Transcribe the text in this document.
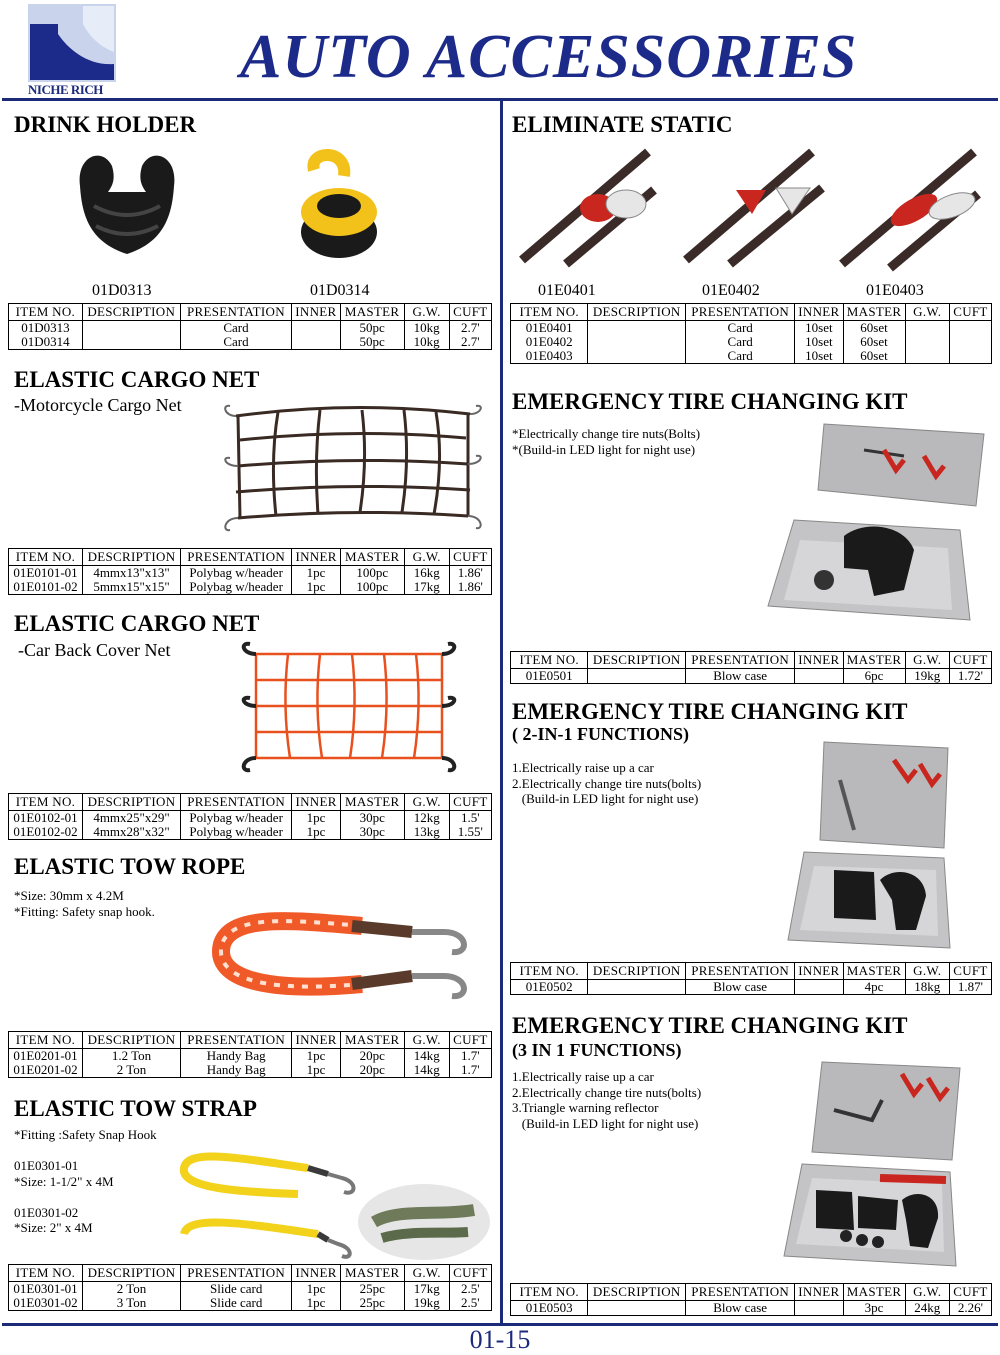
NICHE RICH	AUTO ACCESSORIES
DRINK HOLDER
01D0313	01D0314
ITEM NO.	DESCRIPTION	PRESENTATION	INNER	MASTER	G.W.	CUFT
01D0313		Card		50pc	10kg	2.7'
01D0314		Card		50pc	10kg	2.7'
ELASTIC CARGO NET
-Motorcycle Cargo Net
ITEM NO.	DESCRIPTION	PRESENTATION	INNER	MASTER	G.W.	CUFT
01E0101-01	4mmx13"x13"	Polybag w/header	1pc	100pc	16kg	1.86'
01E0101-02	5mmx15"x15"	Polybag w/header	1pc	100pc	17kg	1.86'
ELASTIC CARGO NET
-Car Back Cover Net
ITEM NO.	DESCRIPTION	PRESENTATION	INNER	MASTER	G.W.	CUFT
01E0102-01	4mmx25"x29"	Polybag w/header	1pc	30pc	12kg	1.5'
01E0102-02	4mmx28"x32"	Polybag w/header	1pc	30pc	13kg	1.55'
ELASTIC TOW ROPE
*Size: 30mm x 4.2M
*Fitting: Safety snap hook.
ITEM NO.	DESCRIPTION	PRESENTATION	INNER	MASTER	G.W.	CUFT
01E0201-01	1.2 Ton	Handy Bag	1pc	20pc	14kg	1.7'
01E0201-02	2 Ton	Handy Bag	1pc	20pc	14kg	1.7'
ELASTIC TOW STRAP
*Fitting :Safety Snap Hook
01E0301-01
*Size: 1-1/2" x 4M

01E0301-02
*Size: 2" x 4M
ITEM NO.	DESCRIPTION	PRESENTATION	INNER	MASTER	G.W.	CUFT
01E0301-01	2 Ton	Slide card	1pc	25pc	17kg	2.5'
01E0301-02	3 Ton	Slide card	1pc	25pc	19kg	2.5'
ELIMINATE STATIC
01E0401	01E0402	01E0403
ITEM NO.	DESCRIPTION	PRESENTATION	INNER	MASTER	G.W.	CUFT
01E0401		Card	10set	60set		
01E0402		Card	10set	60set		
01E0403		Card	10set	60set		
EMERGENCY TIRE CHANGING KIT
*Electrically change tire nuts(Bolts)
*(Build-in LED light for night use)
ITEM NO.	DESCRIPTION	PRESENTATION	INNER	MASTER	G.W.	CUFT
01E0501		Blow case		6pc	19kg	1.72'
EMERGENCY TIRE CHANGING KIT
( 2-IN-1 FUNCTIONS)
1.Electrically raise up a car
2.Electrically change tire nuts(bolts)
(Build-in LED light for night use)
ITEM NO.	DESCRIPTION	PRESENTATION	INNER	MASTER	G.W.	CUFT
01E0502		Blow case		4pc	18kg	1.87'
EMERGENCY TIRE CHANGING KIT
(3 IN 1 FUNCTIONS)
1.Electrically raise up a car
2.Electrically change tire nuts(bolts)
3.Triangle warning reflector
(Build-in LED light for night use)
ITEM NO.	DESCRIPTION	PRESENTATION	INNER	MASTER	G.W.	CUFT
01E0503		Blow case		3pc	24kg	2.26'
01-15
